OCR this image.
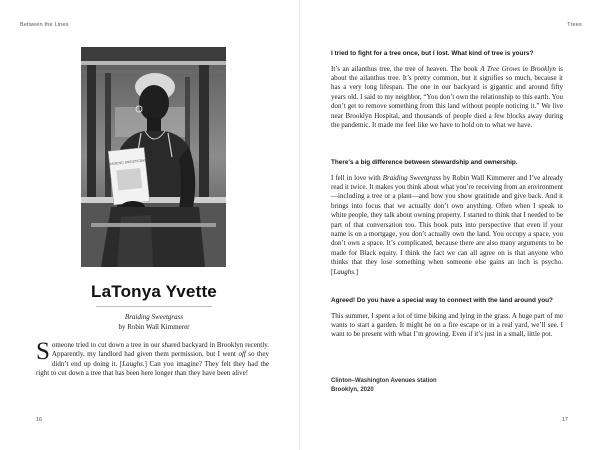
Between the Lines
BRAIDING SWEETGRASS
LaTonya Yvette
Braiding Sweetgrass
by Robin Wall Kimmerer

Someone tried to cut down a tree in our shared backyard in Brooklyn recently. Apparently, my landlord had given them permission, but I went off so they didn’t end up doing it. [Laughs.] Can you imagine? They felt they had the right to cut down a tree that has been here longer than they have been alive!

16
Trees
17

I tried to fight for a tree once, but I lost. What kind of tree is yours?

It’s an ailanthus tree, the tree of heaven. The book A Tree Grows in Brooklyn is about the ailanthus tree. It’s pretty common, but it signifies so much, because it has a very long lifespan. The one in our backyard is gigantic and around fifty years old. I said to my neighbor, “You don’t own the relationship to this earth. You don’t get to remove something from this land without people noticing it.” We live near Brooklyn Hospital, and thousands of people died a few blocks away during the pandemic. It made me feel like we have to hold on to what we have.

There’s a big difference between stewardship and ownership.

I fell in love with Braiding Sweetgrass by Robin Wall Kimmerer and I’ve already read it twice. It makes you think about what you’re receiving from an environment—including a tree or a plant—and how you show gratitude and give back. And it brings into focus that we actually don’t own anything. Often when I speak to white people, they talk about owning property. I started to think that I needed to be part of that conversation too. This book puts into perspective that even if your name is on a mortgage, you don’t actually own the land. You occupy a space, you don’t own a space. It’s complicated, because there are also many arguments to be made for Black equity. I think the fact we can all agree on is that anyone who thinks that they lose something when someone else gains an inch is psycho. [Laughs.]

Agreed! Do you have a special way to connect with the land around you?

This summer, I spent a lot of time biking and lying in the grass. A huge part of me wants to start a garden. It might be on a fire escape or in a real yard, we’ll see. I want to be present with what I’m growing. Even if it’s just in a small, little pot.

Clinton–Washington Avenues station
Brooklyn, 2020
